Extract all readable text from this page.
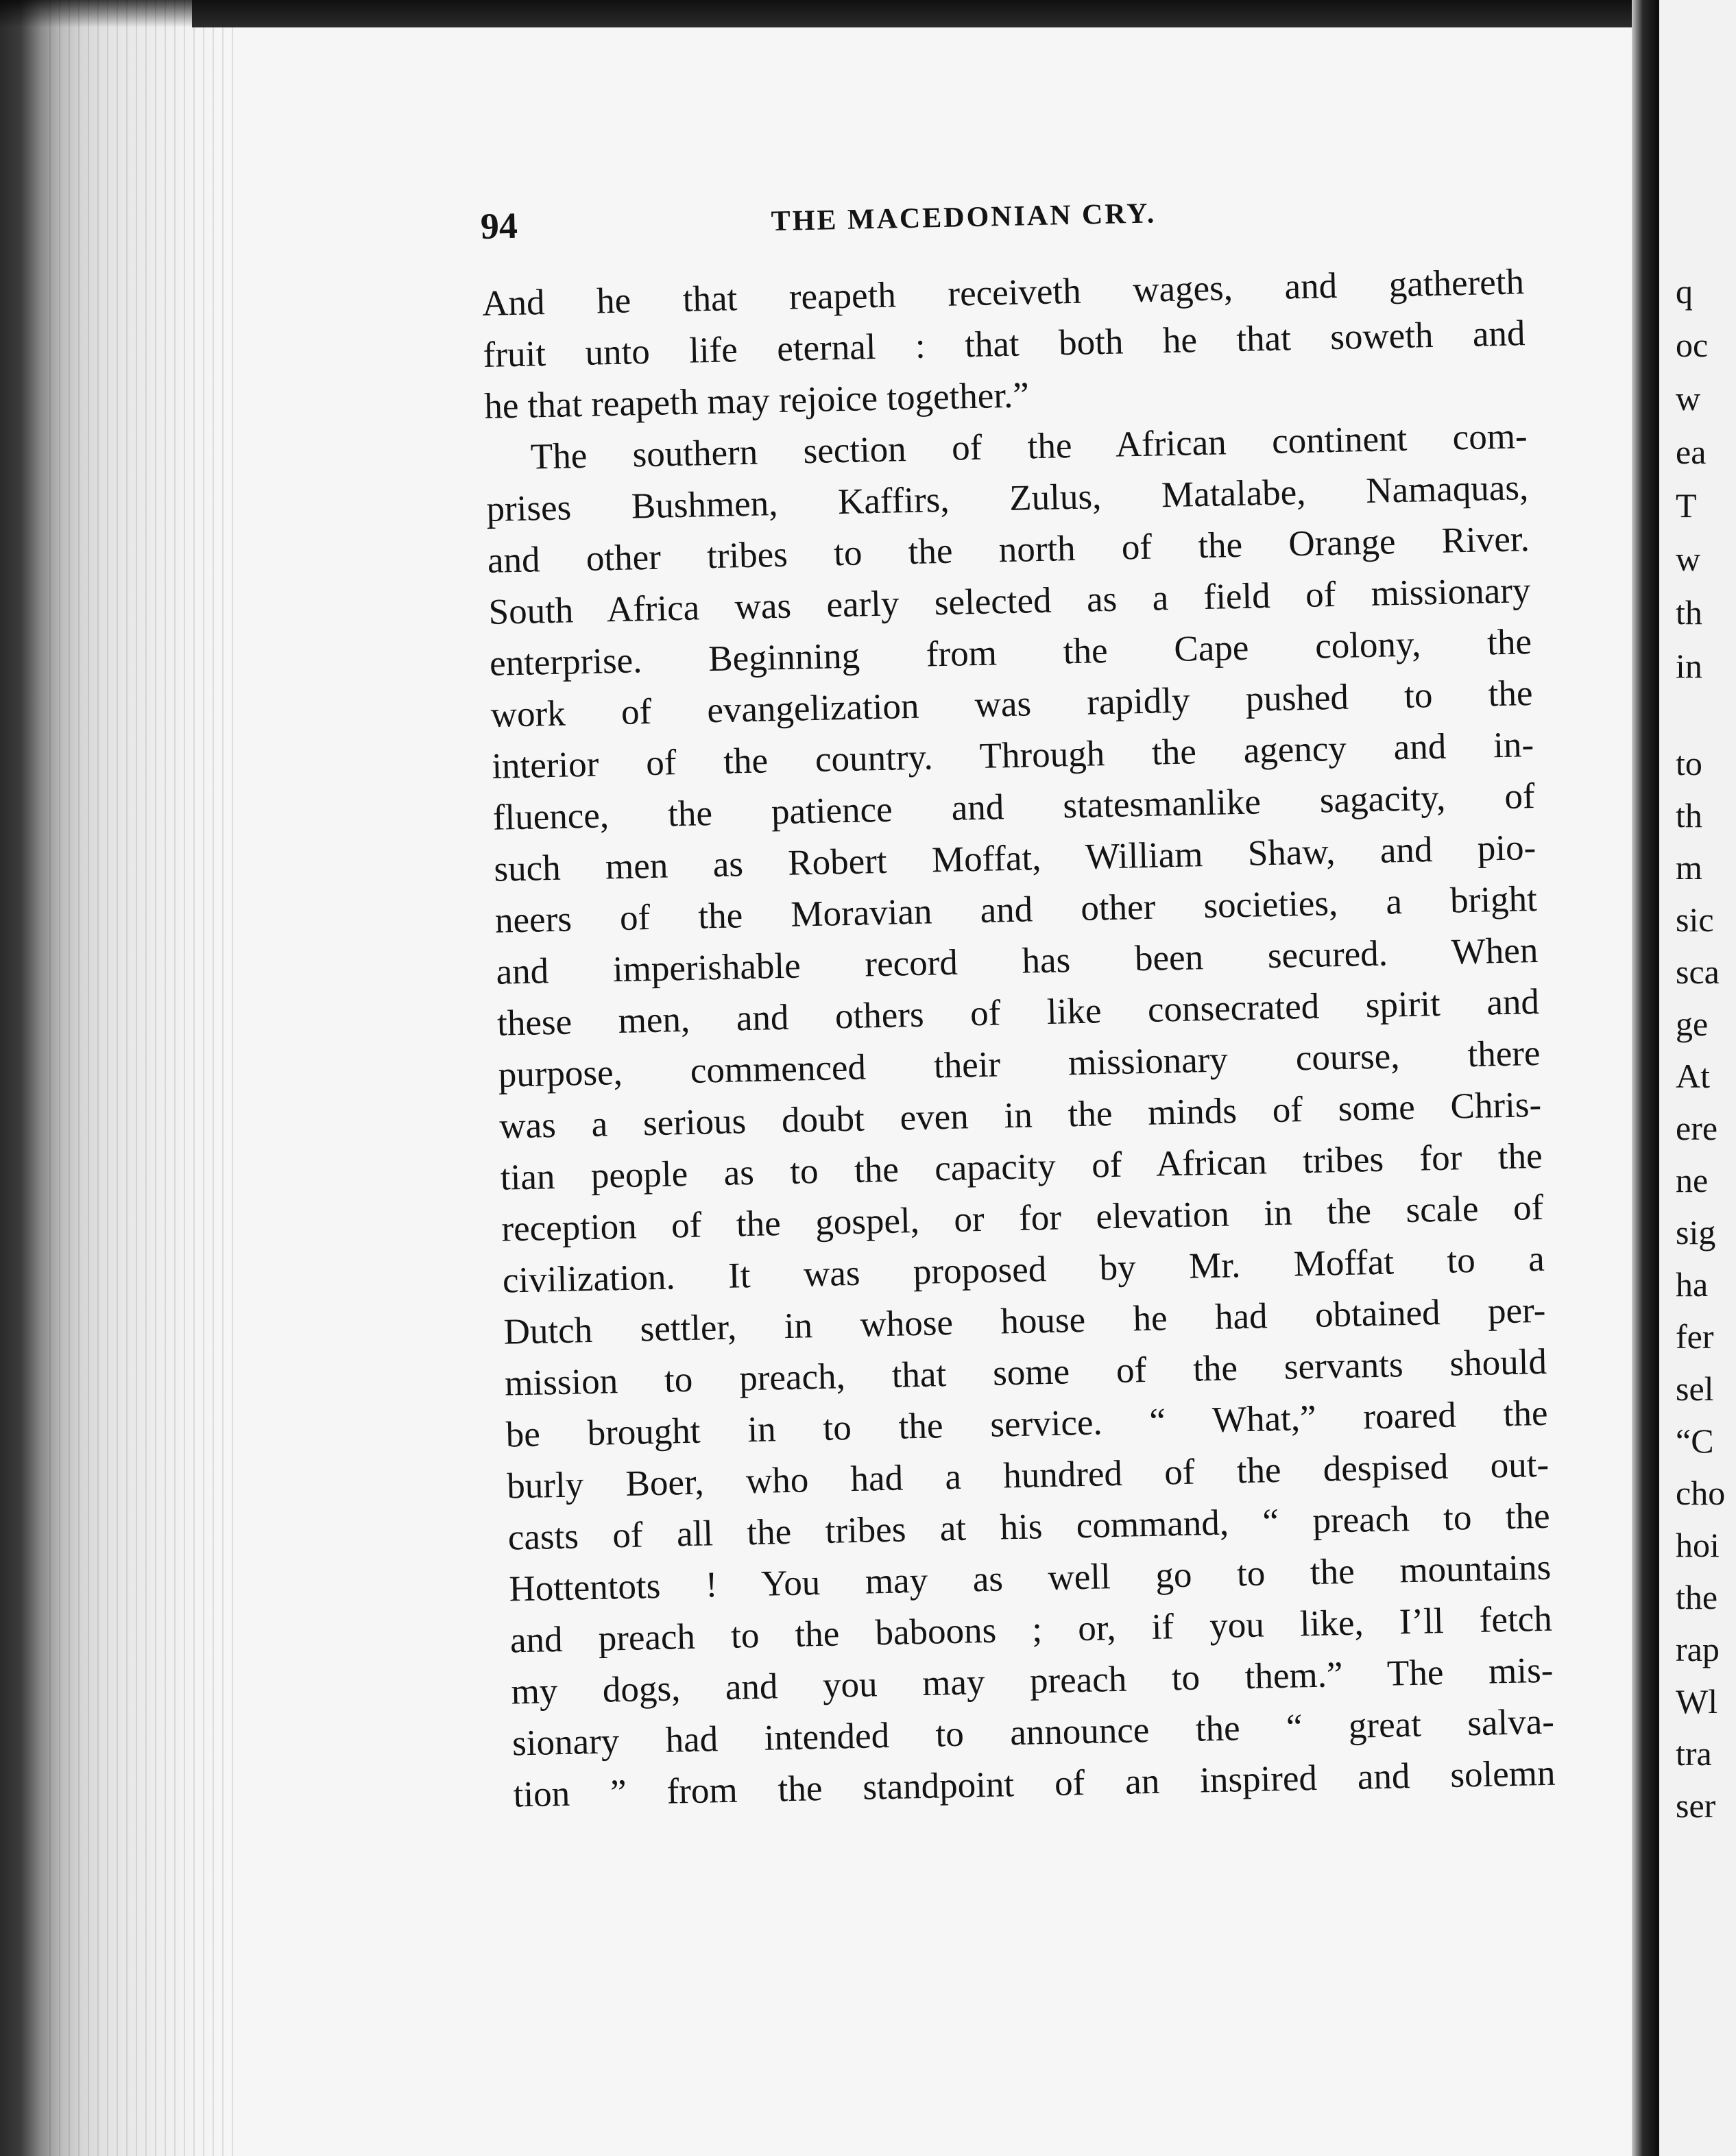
q
oc
w
ea
T
w
th
in
to
th
m
sic
sca
ge
At
ere
ne
sig
ha
fer
sel
“C
cho
hoi
the
rap
Wl
tra
ser
94	THE MACEDONIAN CRY.
And he that reapeth receiveth wages, and gathereth
fruit unto life eternal : that both he that soweth and
he that reapeth may rejoice together.”
The southern section of the African continent com-
prises Bushmen, Kaffirs, Zulus, Matalabe, Namaquas,
and other tribes to the north of the Orange River.
South Africa was early selected as a field of missionary
enterprise. Beginning from the Cape colony, the
work of evangelization was rapidly pushed to the
interior of the country. Through the agency and in-
fluence, the patience and statesmanlike sagacity, of
such men as Robert Moffat, William Shaw, and pio-
neers of the Moravian and other societies, a bright
and imperishable record has been secured. When
these men, and others of like consecrated spirit and
purpose, commenced their missionary course, there
was a serious doubt even in the minds of some Chris-
tian people as to the capacity of African tribes for the
reception of the gospel, or for elevation in the scale of
civilization. It was proposed by Mr. Moffat to a
Dutch settler, in whose house he had obtained per-
mission to preach, that some of the servants should
be brought in to the service. “ What,” roared the
burly Boer, who had a hundred of the despised out-
casts of all the tribes at his command, “ preach to the
Hottentots ! You may as well go to the mountains
and preach to the baboons ; or, if you like, I’ll fetch
my dogs, and you may preach to them.” The mis-
sionary had intended to announce the “ great salva-
tion ” from the standpoint of an inspired and solemn
